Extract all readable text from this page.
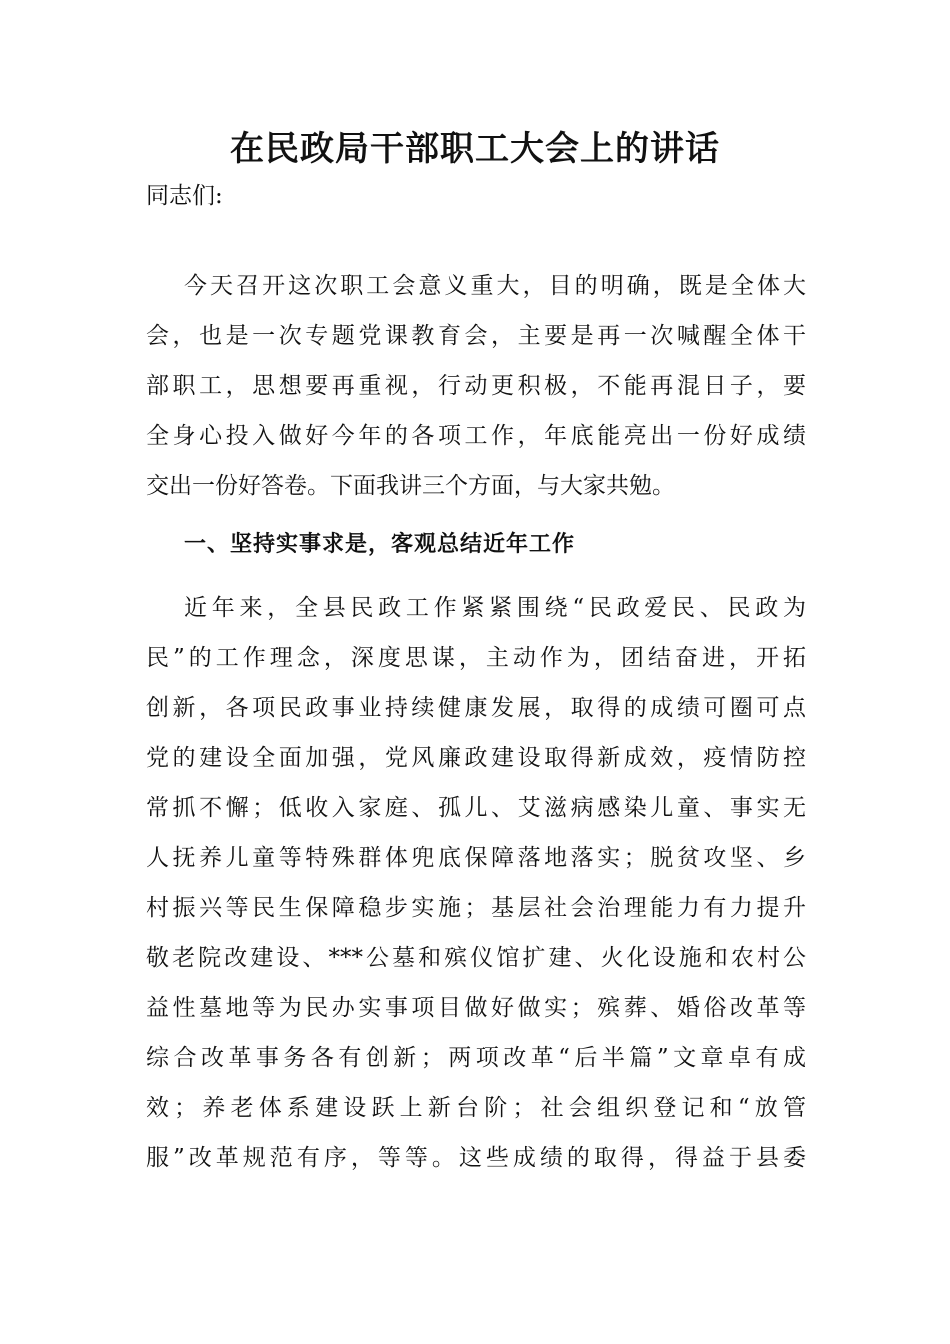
在民政局干部职工大会上的讲话
同志们:
今天召开这次职工会意义重大，目的明确，既是全体大
会，也是一次专题党课教育会，主要是再一次喊醒全体干
部职工，思想要再重视，行动更积极，不能再混日子，要
全身心投入做好今年的各项工作，年底能亮出一份好成绩
交出一份好答卷。下面我讲三个方面，与大家共勉。
一、坚持实事求是，客观总结近年工作
近年来，全县民政工作紧紧围绕“民政爱民、民政为
民”的工作理念，深度思谋，主动作为，团结奋进，开拓
创新，各项民政事业持续健康发展，取得的成绩可圈可点
党的建设全面加强，党风廉政建设取得新成效，疫情防控
常抓不懈；低收入家庭、孤儿、艾滋病感染儿童、事实无
人抚养儿童等特殊群体兜底保障落地落实；脱贫攻坚、乡
村振兴等民生保障稳步实施；基层社会治理能力有力提升
敬老院改建设、***公墓和殡仪馆扩建、火化设施和农村公
益性墓地等为民办实事项目做好做实；殡葬、婚俗改革等
综合改革事务各有创新；两项改革“后半篇”文章卓有成
效；养老体系建设跃上新台阶；社会组织登记和“放管
服”改革规范有序，等等。这些成绩的取得，得益于县委
